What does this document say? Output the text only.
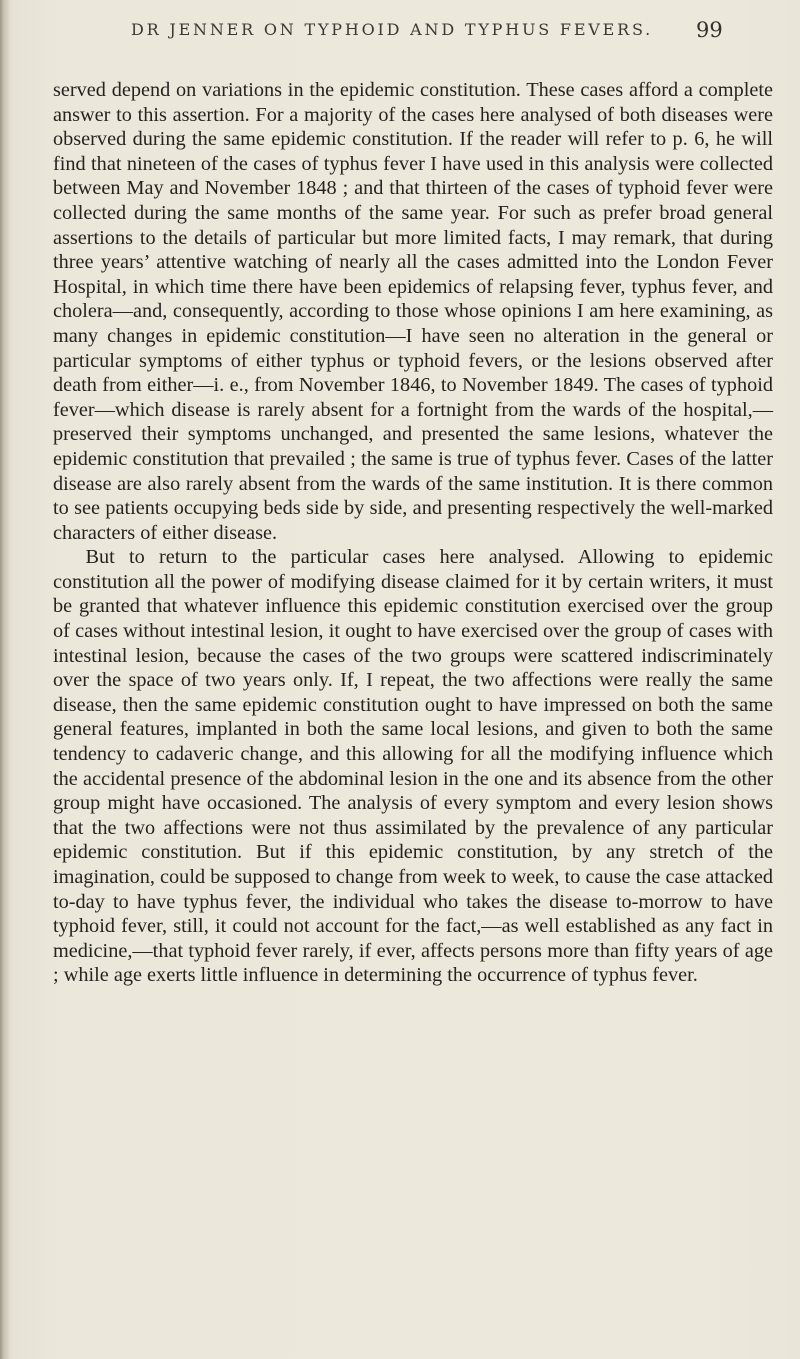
DR JENNER ON TYPHOID AND TYPHUS FEVERS. 99

served depend on variations in the epidemic constitution. These cases afford a complete answer to this assertion. For a majority of the cases here analysed of both diseases were observed during the same epidemic constitution. If the reader will refer to p. 6, he will find that nineteen of the cases of typhus fever I have used in this analysis were collected between May and November 1848 ; and that thirteen of the cases of typhoid fever were collected during the same months of the same year. For such as prefer broad general assertions to the details of particular but more limited facts, I may remark, that during three years’ attentive watching of nearly all the cases admitted into the London Fever Hospital, in which time there have been epidemics of relapsing fever, typhus fever, and cholera—and, consequently, according to those whose opinions I am here examining, as many changes in epidemic constitution—I have seen no alteration in the general or particular symptoms of either typhus or typhoid fevers, or the lesions observed after death from either—i. e., from November 1846, to November 1849. The cases of typhoid fever—which disease is rarely absent for a fortnight from the wards of the hospital,—preserved their symptoms unchanged, and presented the same lesions, whatever the epidemic constitution that prevailed ; the same is true of typhus fever. Cases of the latter disease are also rarely absent from the wards of the same institution. It is there common to see patients occupying beds side by side, and presenting respectively the well-marked characters of either disease.

But to return to the particular cases here analysed. Allowing to epidemic constitution all the power of modifying disease claimed for it by certain writers, it must be granted that whatever influence this epidemic constitution exercised over the group of cases without intestinal lesion, it ought to have exercised over the group of cases with intestinal lesion, because the cases of the two groups were scattered indiscriminately over the space of two years only. If, I repeat, the two affections were really the same disease, then the same epidemic constitution ought to have impressed on both the same general features, implanted in both the same local lesions, and given to both the same tendency to cadaveric change, and this allowing for all the modifying influence which the accidental presence of the abdominal lesion in the one and its absence from the other group might have occasioned. The analysis of every symptom and every lesion shows that the two affections were not thus assimilated by the prevalence of any particular epidemic constitution. But if this epidemic constitution, by any stretch of the imagination, could be supposed to change from week to week, to cause the case attacked to-day to have typhus fever, the individual who takes the disease to-morrow to have typhoid fever, still, it could not account for the fact,—as well established as any fact in medicine,—that typhoid fever rarely, if ever, affects persons more than fifty years of age ; while age exerts little influence in determining the occurrence of typhus fever.
